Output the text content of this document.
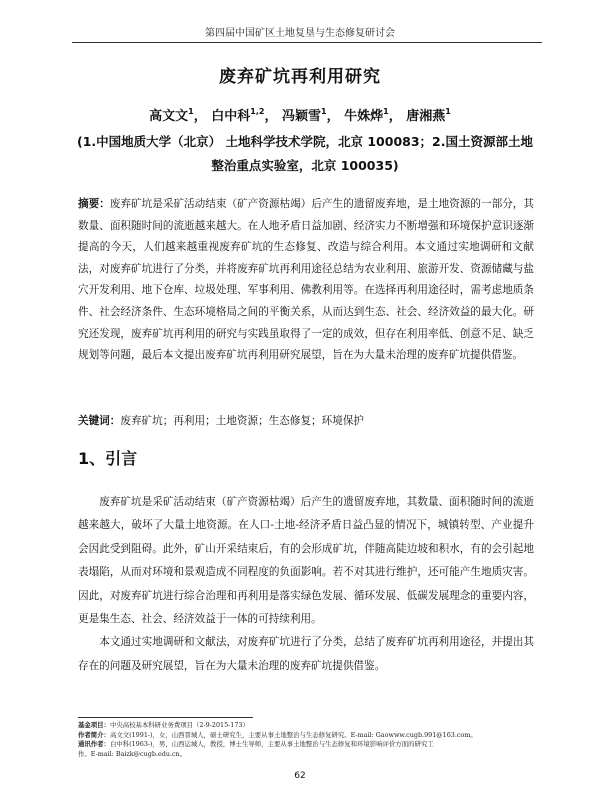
第四届中国矿区土地复垦与生态修复研讨会
废弃矿坑再利用研究
高文文$^1$， 白中科$^{1,2}$， 冯颖雪$^1$， 牛姝烨$^1$， 唐湘燕$^1$
(1.中国地质大学（北京） 土地科学技术学院，北京 100083；2.国土资源部土地
整治重点实验室，北京 100035)
摘要：废弃矿坑是采矿活动结束（矿产资源枯竭）后产生的遗留废弃地，是土地资源的一部分，其数量、面积随时间的流逝越来越大。在人地矛盾日益加剧、经济实力不断增强和环境保护意识逐渐提高的今天，人们越来越重视废弃矿坑的生态修复、改造与综合利用。本文通过实地调研和文献法，对废弃矿坑进行了分类，并将废弃矿坑再利用途径总结为农业利用、旅游开发、资源储藏与盐穴开发利用、地下仓库、垃圾处理、军事利用、佛教利用等。在选择再利用途径时，需考虑地质条件、社会经济条件、生态环境格局之间的平衡关系，从而达到生态、社会、经济效益的最大化。研究还发现，废弃矿坑再利用的研究与实践虽取得了一定的成效，但存在利用率低、创意不足、缺乏规划等问题，最后本文提出废弃矿坑再利用研究展望，旨在为大量未治理的废弃矿坑提供借鉴。
关键词：废弃矿坑；再利用；土地资源；生态修复；环境保护
1、引言

废弃矿坑是采矿活动结束（矿产资源枯竭）后产生的遗留废弃地，其数量、面积随时间的流逝越来越大，破坏了大量土地资源。在人口-土地-经济矛盾日益凸显的情况下，城镇转型、产业提升会因此受到阻碍。此外，矿山开采结束后，有的会形成矿坑，伴随高陡边坡和积水，有的会引起地表塌陷，从而对环境和景观造成不同程度的负面影响。若不对其进行维护，还可能产生地质灾害。因此，对废弃矿坑进行综合治理和再利用是落实绿色发展、循环发展、低碳发展理念的重要内容，更是集生态、社会、经济效益于一体的可持续利用。

本文通过实地调研和文献法，对废弃矿坑进行了分类，总结了废弃矿坑再利用途径，并提出其存在的问题及研究展望，旨在为大量未治理的废弃矿坑提供借鉴。

基金项目：中央高校基本科研业务费项目（2-9-2015-173）
作者简介：高文文(1991-)，女，山西晋城人，硕士研究生，主要从事土地整治与生态修复研究。E-mail: Gaowww.cugb.991@163.com。
通讯作者：白中科(1963-)，男，山西运城人，教授，博士生导师，主要从事土地整治与生态修复和环境影响评价方面的研究工
作。E-mail: Baizk@cugb.edu.cn。
62
